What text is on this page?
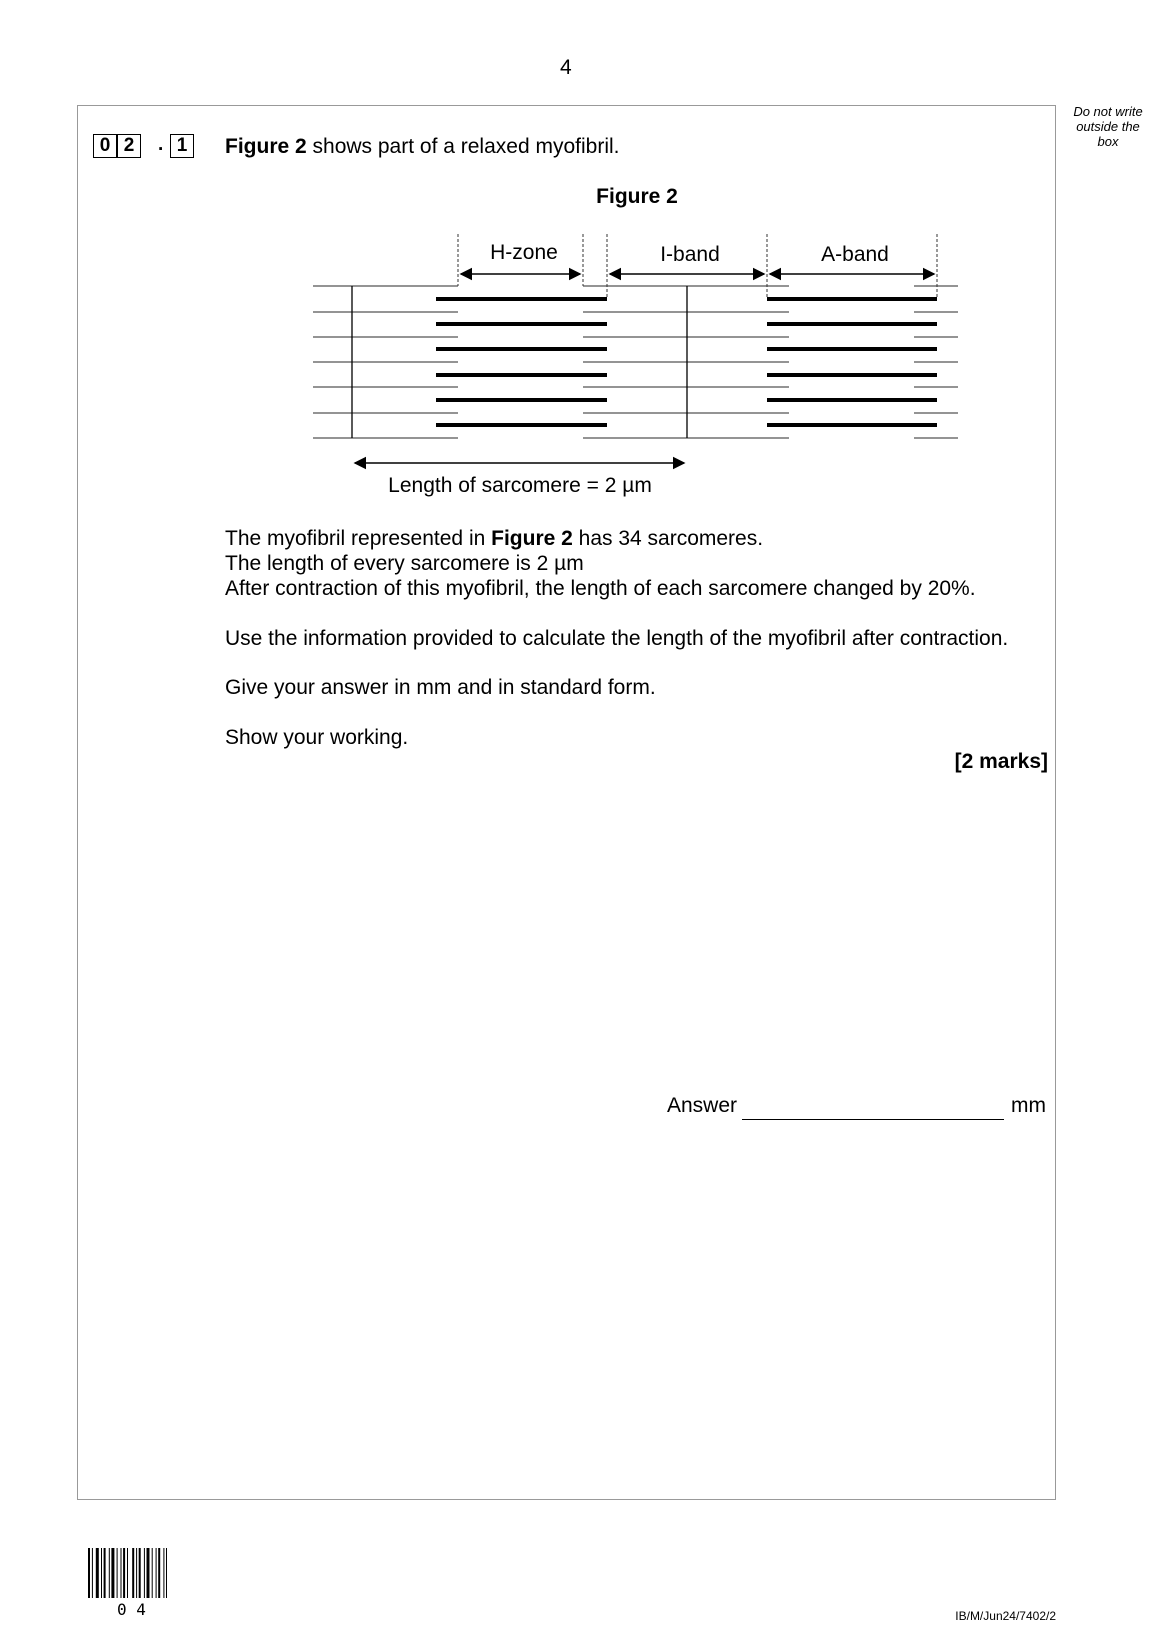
4
Do not write outside the box
0 2	. 1	Figure 2 shows part of a relaxed myofibril.
Figure 2
H-zone	I-band	A-band
Length of sarcomere = 2 µm
The myofibril represented in Figure 2 has 34 sarcomeres.
The length of every sarcomere is 2 µm
After contraction of this myofibril, the length of each sarcomere changed by 20%.
Use the information provided to calculate the length of the myofibril after contraction.
Give your answer in mm and in standard form.
Show your working.
[2 marks]
Answer	mm
0 4	IB/M/Jun24/7402/2
